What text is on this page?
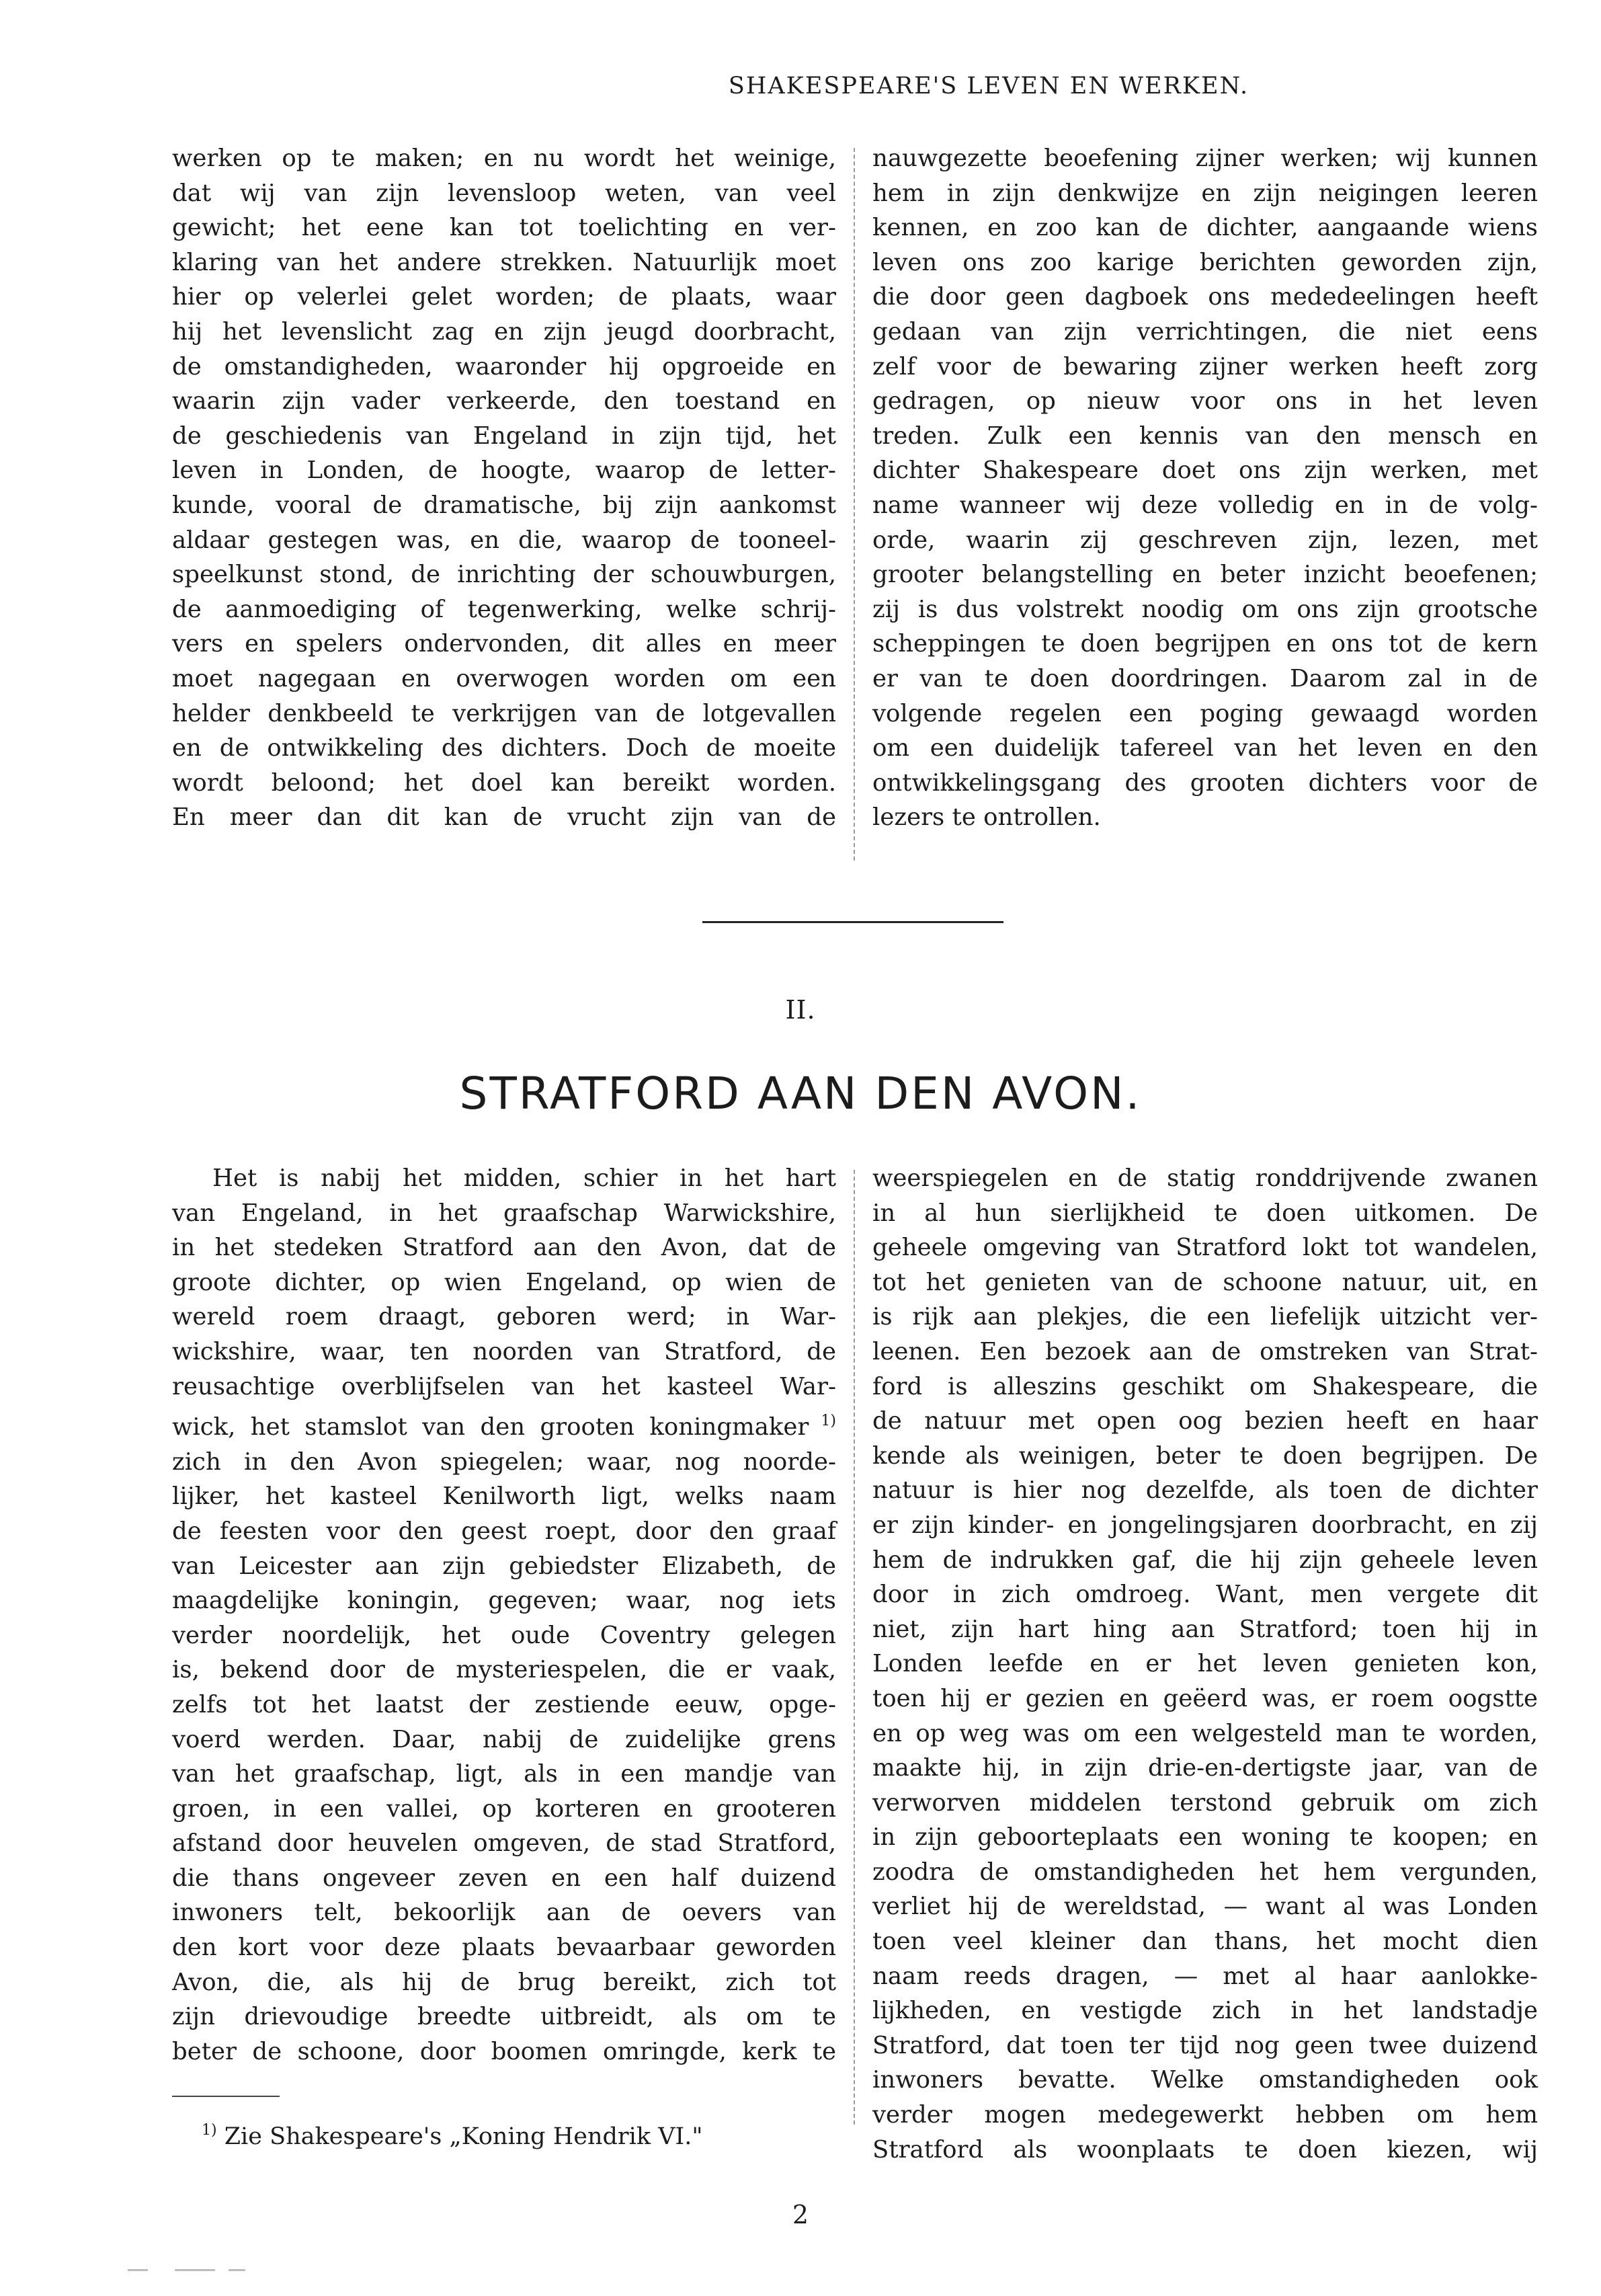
SHAKESPEARE'S LEVEN EN WERKEN.
werken op te maken; en nu wordt het weinige,
dat wij van zijn levensloop weten, van veel
gewicht; het eene kan tot toelichting en ver-
klaring van het andere strekken. Natuurlijk moet
hier op velerlei gelet worden; de plaats, waar
hij het levenslicht zag en zijn jeugd doorbracht,
de omstandigheden, waaronder hij opgroeide en
waarin zijn vader verkeerde, den toestand en
de geschiedenis van Engeland in zijn tijd, het
leven in Londen, de hoogte, waarop de letter-
kunde, vooral de dramatische, bij zijn aankomst
aldaar gestegen was, en die, waarop de tooneel-
speelkunst stond, de inrichting der schouwburgen,
de aanmoediging of tegenwerking, welke schrij-
vers en spelers ondervonden, dit alles en meer
moet nagegaan en overwogen worden om een
helder denkbeeld te verkrijgen van de lotgevallen
en de ontwikkeling des dichters. Doch de moeite
wordt beloond; het doel kan bereikt worden.
En meer dan dit kan de vrucht zijn van de
nauwgezette beoefening zijner werken; wij kunnen
hem in zijn denkwijze en zijn neigingen leeren
kennen, en zoo kan de dichter, aangaande wiens
leven ons zoo karige berichten geworden zijn,
die door geen dagboek ons mededeelingen heeft
gedaan van zijn verrichtingen, die niet eens
zelf voor de bewaring zijner werken heeft zorg
gedragen, op nieuw voor ons in het leven
treden. Zulk een kennis van den mensch en
dichter Shakespeare doet ons zijn werken, met
name wanneer wij deze volledig en in de volg-
orde, waarin zij geschreven zijn, lezen, met
grooter belangstelling en beter inzicht beoefenen;
zij is dus volstrekt noodig om ons zijn grootsche
scheppingen te doen begrijpen en ons tot de kern
er van te doen doordringen. Daarom zal in de
volgende regelen een poging gewaagd worden
om een duidelijk tafereel van het leven en den
ontwikkelingsgang des grooten dichters voor de
lezers te ontrollen.
II.
STRATFORD AAN DEN AVON.
Het is nabij het midden, schier in het hart
van Engeland, in het graafschap Warwickshire,
in het stedeken Stratford aan den Avon, dat de
groote dichter, op wien Engeland, op wien de
wereld roem draagt, geboren werd; in War-
wickshire, waar, ten noorden van Stratford, de
reusachtige overblijfselen van het kasteel War-
wick, het stamslot van den grooten koningmaker $^{1)}$
zich in den Avon spiegelen; waar, nog noorde-
lijker, het kasteel Kenilworth ligt, welks naam
de feesten voor den geest roept, door den graaf
van Leicester aan zijn gebiedster Elizabeth, de
maagdelijke koningin, gegeven; waar, nog iets
verder noordelijk, het oude Coventry gelegen
is, bekend door de mysteriespelen, die er vaak,
zelfs tot het laatst der zestiende eeuw, opge-
voerd werden. Daar, nabij de zuidelijke grens
van het graafschap, ligt, als in een mandje van
groen, in een vallei, op korteren en grooteren
afstand door heuvelen omgeven, de stad Stratford,
die thans ongeveer zeven en een half duizend
inwoners telt, bekoorlijk aan de oevers van
den kort voor deze plaats bevaarbaar geworden
Avon, die, als hij de brug bereikt, zich tot
zijn drievoudige breedte uitbreidt, als om te
beter de schoone, door boomen omringde, kerk te
weerspiegelen en de statig ronddrijvende zwanen
in al hun sierlijkheid te doen uitkomen. De
geheele omgeving van Stratford lokt tot wandelen,
tot het genieten van de schoone natuur, uit, en
is rijk aan plekjes, die een liefelijk uitzicht ver-
leenen. Een bezoek aan de omstreken van Strat-
ford is alleszins geschikt om Shakespeare, die
de natuur met open oog bezien heeft en haar
kende als weinigen, beter te doen begrijpen. De
natuur is hier nog dezelfde, als toen de dichter
er zijn kinder- en jongelingsjaren doorbracht, en zij
hem de indrukken gaf, die hij zijn geheele leven
door in zich omdroeg. Want, men vergete dit
niet, zijn hart hing aan Stratford; toen hij in
Londen leefde en er het leven genieten kon,
toen hij er gezien en geëerd was, er roem oogstte
en op weg was om een welgesteld man te worden,
maakte hij, in zijn drie-en-dertigste jaar, van de
verworven middelen terstond gebruik om zich
in zijn geboorteplaats een woning te koopen; en
zoodra de omstandigheden het hem vergunden,
verliet hij de wereldstad, — want al was Londen
toen veel kleiner dan thans, het mocht dien
naam reeds dragen, — met al haar aanlokke-
lijkheden, en vestigde zich in het landstadje
Stratford, dat toen ter tijd nog geen twee duizend
inwoners bevatte. Welke omstandigheden ook
verder mogen medegewerkt hebben om hem
Stratford als woonplaats te doen kiezen, wij
$^{1)}$ Zie Shakespeare's „Koning Hendrik VI."
2
